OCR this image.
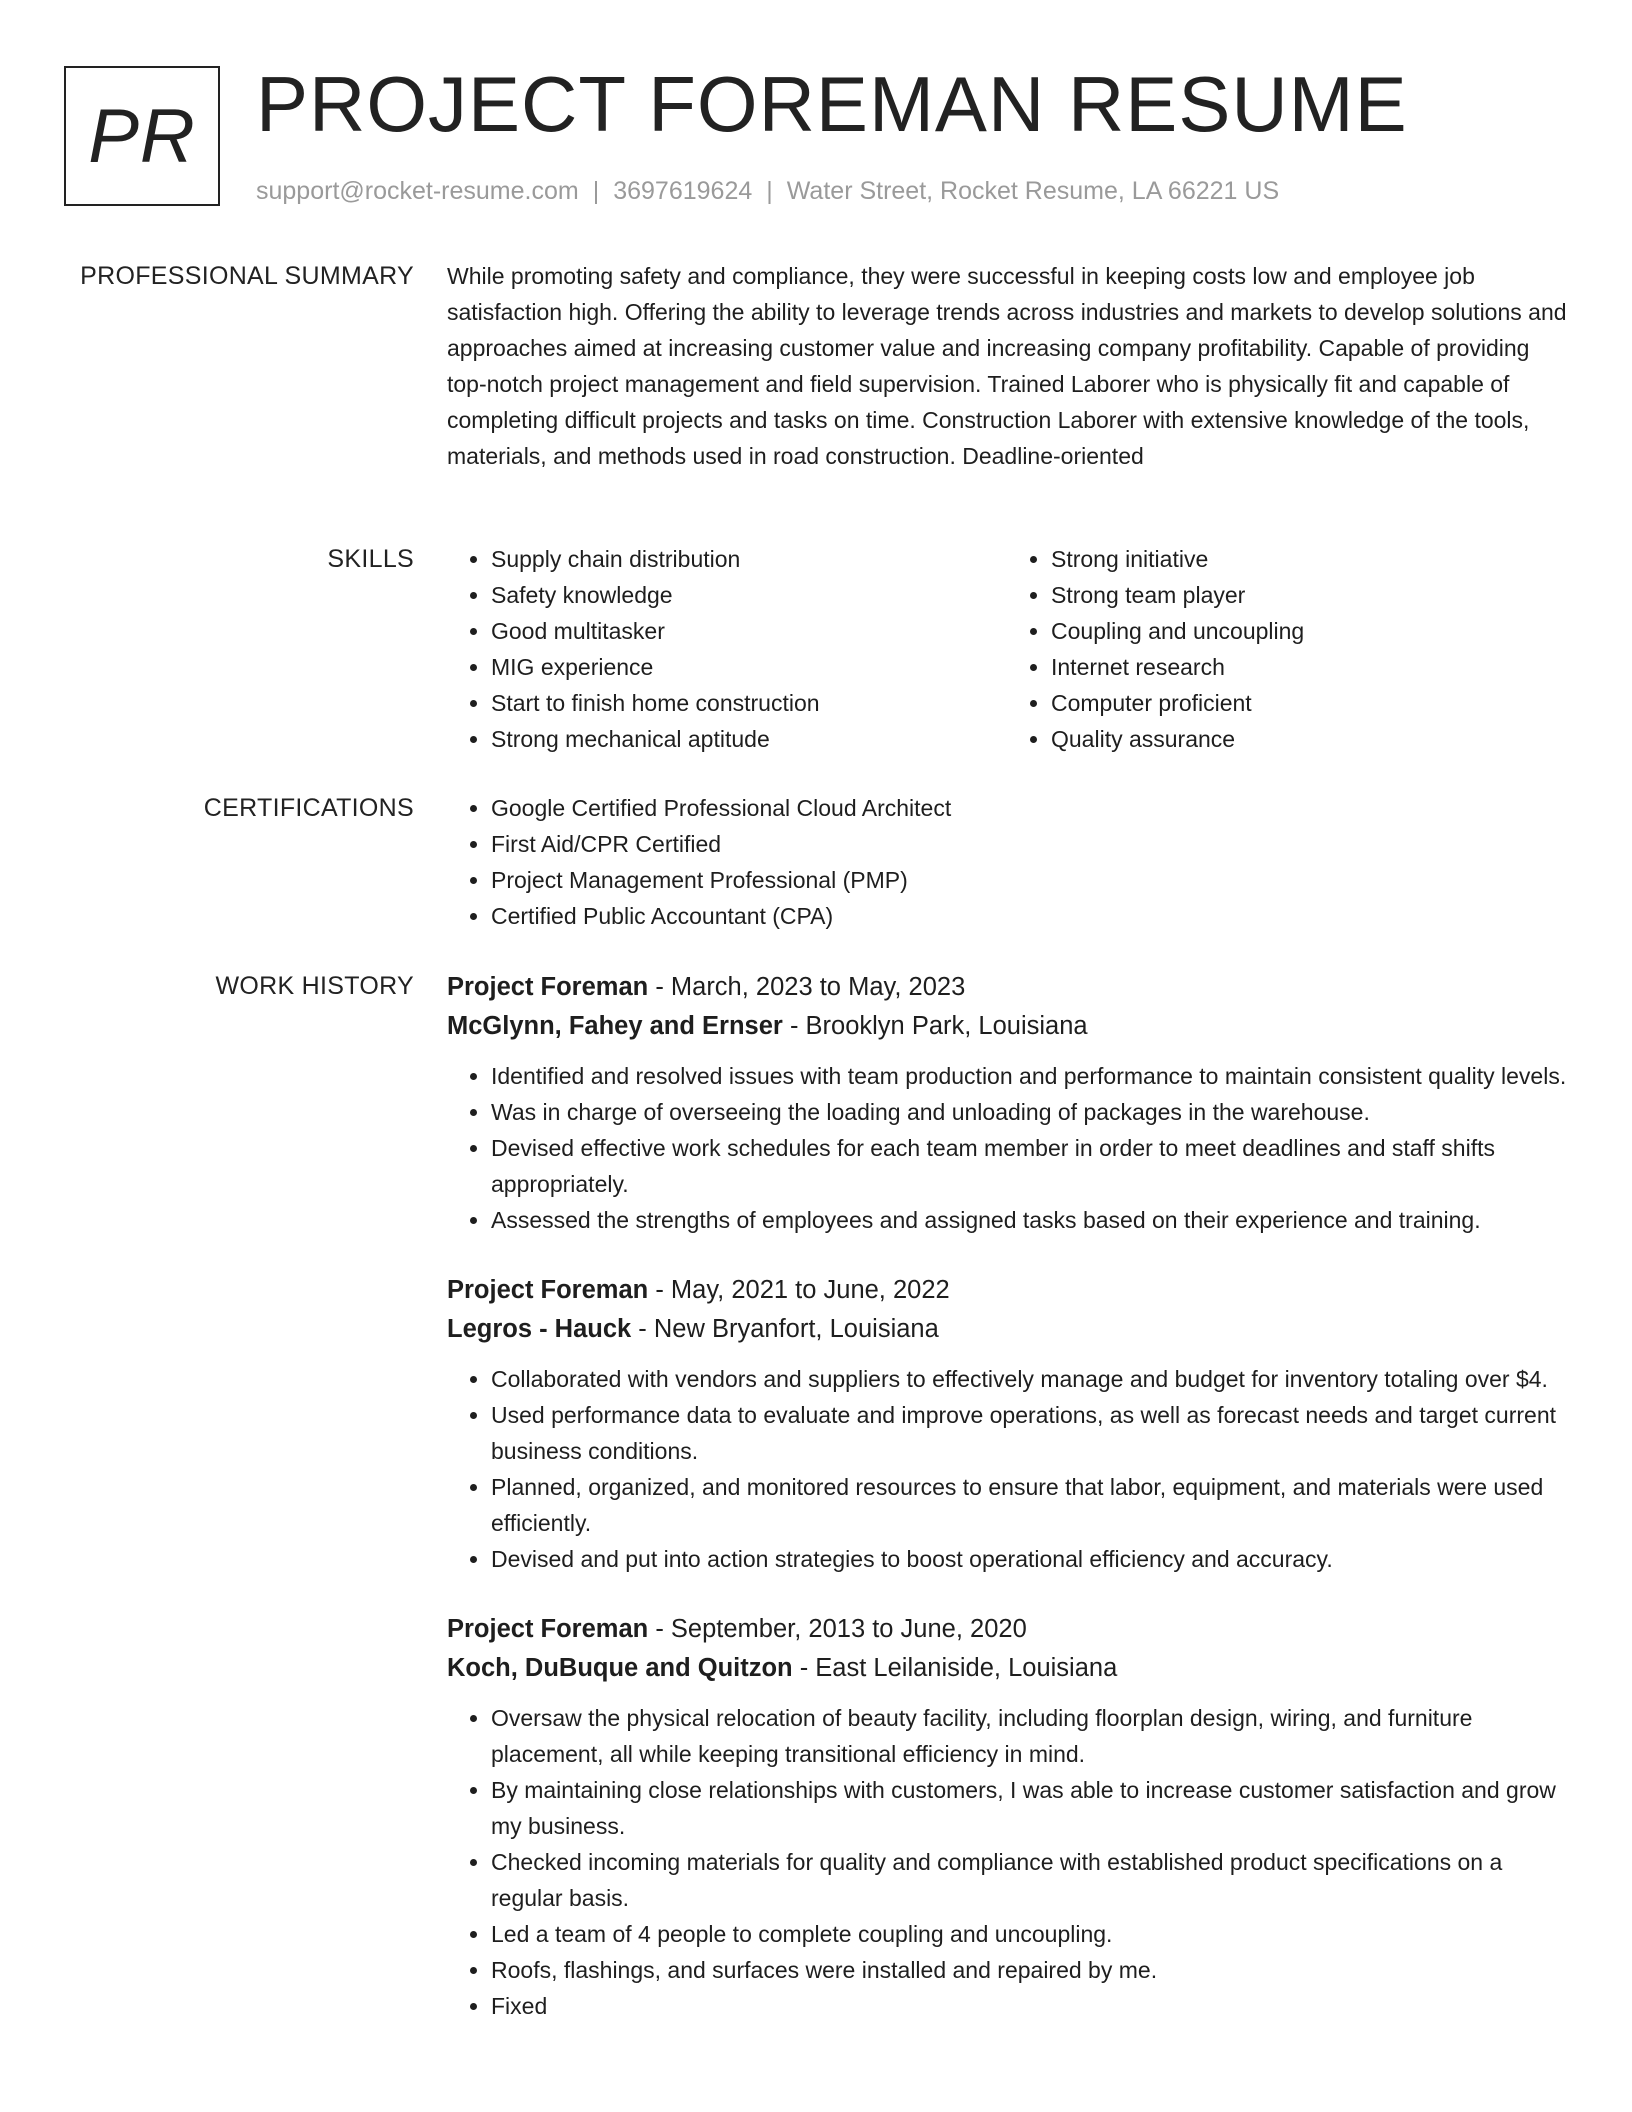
PR PROJECT FOREMAN RESUME
support@rocket-resume.com | 3697619624 | Water Street, Rocket Resume, LA 66221 US
PROFESSIONAL SUMMARY While promoting safety and compliance, they were successful in keeping costs low and employee job satisfaction high. Offering the ability to leverage trends across industries and markets to develop solutions and approaches aimed at increasing customer value and increasing company profitability. Capable of providing top-notch project management and field supervision. Trained Laborer who is physically fit and capable of completing difficult projects and tasks on time. Construction Laborer with extensive knowledge of the tools, materials, and methods used in road construction. Deadline-oriented
SKILLS	• Supply chain distribution
• Safety knowledge
• Good multitasker
• MIG experience
• Start to finish home construction
• Strong mechanical aptitude
• Strong initiative
• Strong team player
• Coupling and uncoupling
• Internet research
• Computer proficient
• Quality assurance
CERTIFICATIONS	• Google Certified Professional Cloud Architect
• First Aid/CPR Certified
• Project Management Professional (PMP)
• Certified Public Accountant (CPA)
WORK HISTORY Project Foreman - March, 2023 to May, 2023
McGlynn, Fahey and Ernser - Brooklyn Park, Louisiana
• Identified and resolved issues with team production and performance to maintain consistent quality levels.
• Was in charge of overseeing the loading and unloading of packages in the warehouse.
• Devised effective work schedules for each team member in order to meet deadlines and staff shifts appropriately.
• Assessed the strengths of employees and assigned tasks based on their experience and training.
Project Foreman - May, 2021 to June, 2022
Legros - Hauck - New Bryanfort, Louisiana
• Collaborated with vendors and suppliers to effectively manage and budget for inventory totaling over $4.
• Used performance data to evaluate and improve operations, as well as forecast needs and target current business conditions.
• Planned, organized, and monitored resources to ensure that labor, equipment, and materials were used efficiently.
• Devised and put into action strategies to boost operational efficiency and accuracy.
Project Foreman - September, 2013 to June, 2020
Koch, DuBuque and Quitzon - East Leilaniside, Louisiana
• Oversaw the physical relocation of beauty facility, including floorplan design, wiring, and furniture placement, all while keeping transitional efficiency in mind.
• By maintaining close relationships with customers, I was able to increase customer satisfaction and grow my business.
• Checked incoming materials for quality and compliance with established product specifications on a regular basis.
• Led a team of 4 people to complete coupling and uncoupling.
• Roofs, flashings, and surfaces were installed and repaired by me.
• Fixed
